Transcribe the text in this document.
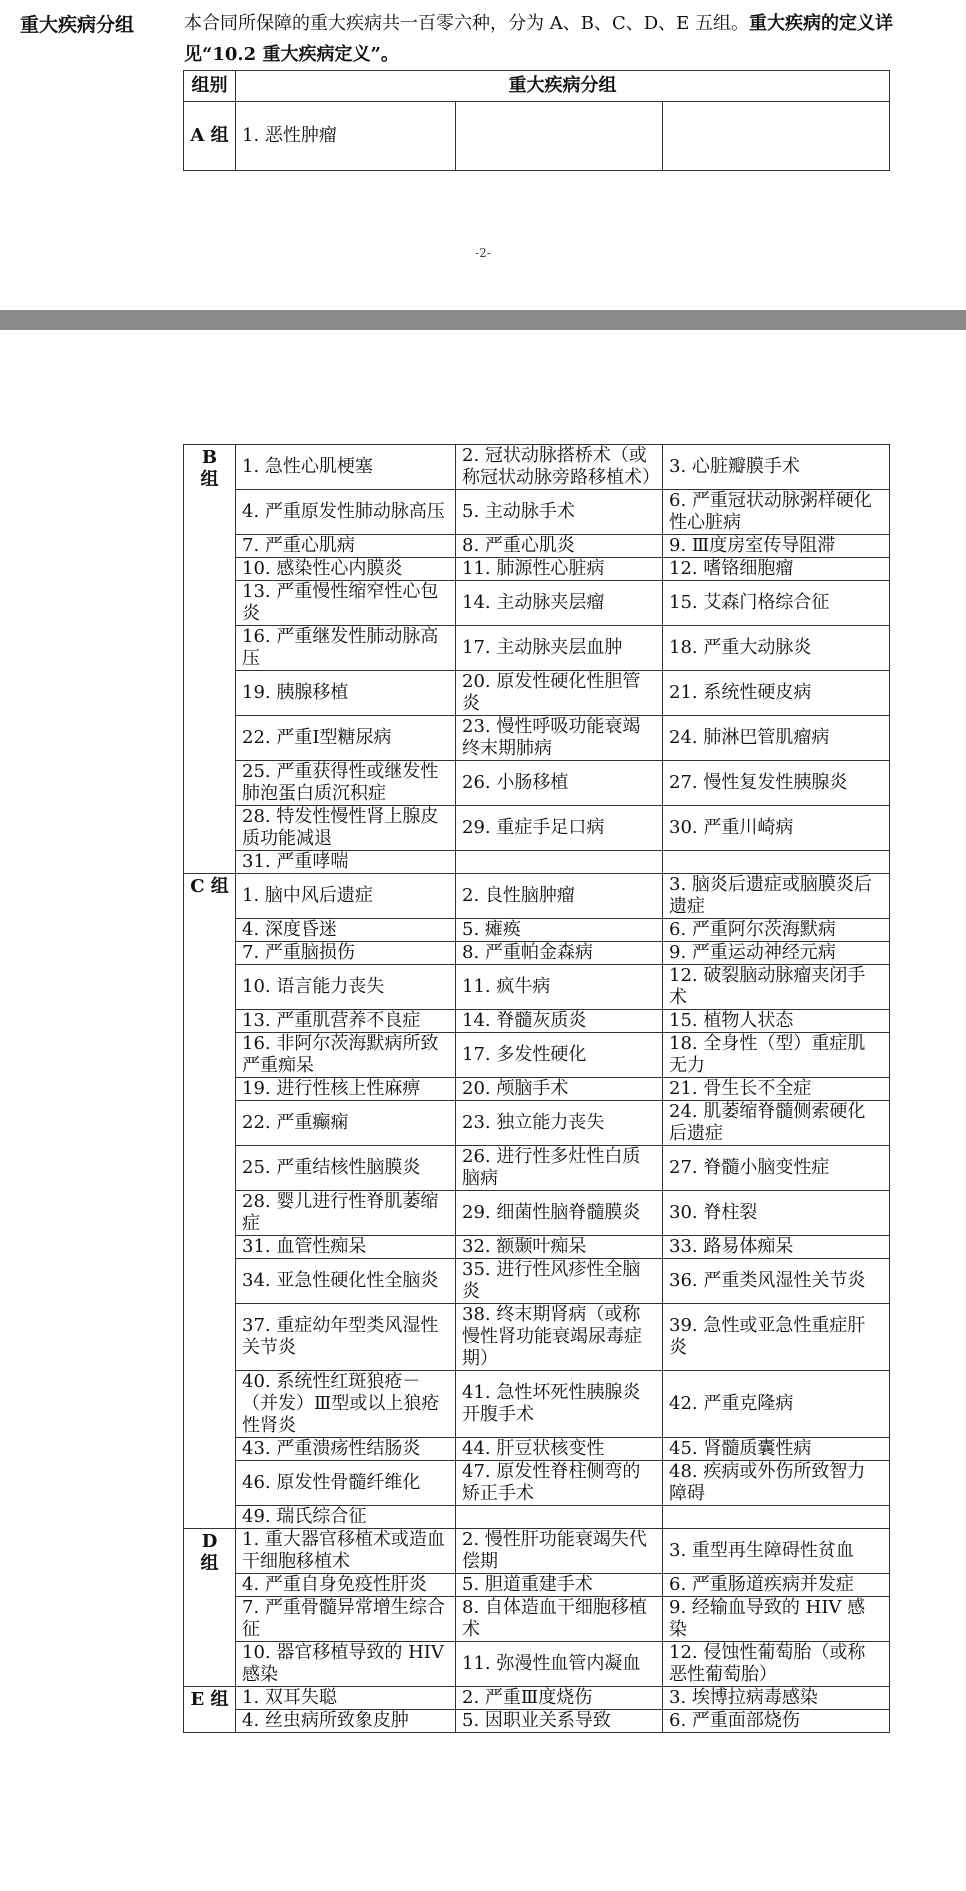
重大疾病分组	本合同所保障的重大疾病共一百零六种，分为 A、B、C、D、E 五组。重大疾病的定义详见“10.2 重大疾病定义”。
组别	重大疾病分组		
A 组	1. 恶性肿瘤		
-2-
B 组	1. 急性心肌梗塞	2. 冠状动脉搭桥术（或称冠状动脉旁路移植术）	3. 心脏瓣膜手术
	4. 严重原发性肺动脉高压	5. 主动脉手术	6. 严重冠状动脉粥样硬化性心脏病
	7. 严重心肌病	8. 严重心肌炎	9. Ⅲ度房室传导阻滞
	10. 感染性心内膜炎	11. 肺源性心脏病	12. 嗜铬细胞瘤
	13. 严重慢性缩窄性心包炎	14. 主动脉夹层瘤	15. 艾森门格综合征
	16. 严重继发性肺动脉高压	17. 主动脉夹层血肿	18. 严重大动脉炎
	19. 胰腺移植	20. 原发性硬化性胆管炎	21. 系统性硬皮病
	22. 严重Ⅰ型糖尿病	23. 慢性呼吸功能衰竭终末期肺病	24. 肺淋巴管肌瘤病
	25. 严重获得性或继发性肺泡蛋白质沉积症	26. 小肠移植	27. 慢性复发性胰腺炎
	28. 特发性慢性肾上腺皮质功能减退	29. 重症手足口病	30. 严重川崎病
	31. 严重哮喘		
C 组	1. 脑中风后遗症	2. 良性脑肿瘤	3. 脑炎后遗症或脑膜炎后遗症
	4. 深度昏迷	5. 瘫痪	6. 严重阿尔茨海默病
	7. 严重脑损伤	8. 严重帕金森病	9. 严重运动神经元病
	10. 语言能力丧失	11. 疯牛病	12. 破裂脑动脉瘤夹闭手术
	13. 严重肌营养不良症	14. 脊髓灰质炎	15. 植物人状态
	16. 非阿尔茨海默病所致严重痴呆	17. 多发性硬化	18. 全身性（型）重症肌无力
	19. 进行性核上性麻痹	20. 颅脑手术	21. 骨生长不全症
	22. 严重癫痫	23. 独立能力丧失	24. 肌萎缩脊髓侧索硬化后遗症
	25. 严重结核性脑膜炎	26. 进行性多灶性白质脑病	27. 脊髓小脑变性症
	28. 婴儿进行性脊肌萎缩症	29. 细菌性脑脊髓膜炎	30. 脊柱裂
	31. 血管性痴呆	32. 额颞叶痴呆	33. 路易体痴呆
	34. 亚急性硬化性全脑炎	35. 进行性风疹性全脑炎	36. 严重类风湿性关节炎
	37. 重症幼年型类风湿性关节炎	38. 终末期肾病（或称慢性肾功能衰竭尿毒症期）	39. 急性或亚急性重症肝炎
	40. 系统性红斑狼疮－（并发）Ⅲ型或以上狼疮性肾炎	41. 急性坏死性胰腺炎开腹手术	42. 严重克隆病
	43. 严重溃疡性结肠炎	44. 肝豆状核变性	45. 肾髓质囊性病
	46. 原发性骨髓纤维化	47. 原发性脊柱侧弯的矫正手术	48. 疾病或外伤所致智力障碍
	49. 瑞氏综合征		
D 组	1. 重大器官移植术或造血干细胞移植术	2. 慢性肝功能衰竭失代偿期	3. 重型再生障碍性贫血
	4. 严重自身免疫性肝炎	5. 胆道重建手术	6. 严重肠道疾病并发症
	7. 严重骨髓异常增生综合征	8. 自体造血干细胞移植术	9. 经输血导致的 HIV 感染
	10. 器官移植导致的 HIV 感染	11. 弥漫性血管内凝血	12. 侵蚀性葡萄胎（或称恶性葡萄胎）
E 组	1. 双耳失聪	2. 严重Ⅲ度烧伤	3. 埃博拉病毒感染
	4. 丝虫病所致象皮肿	5. 因职业关系导致	6. 严重面部烧伤
